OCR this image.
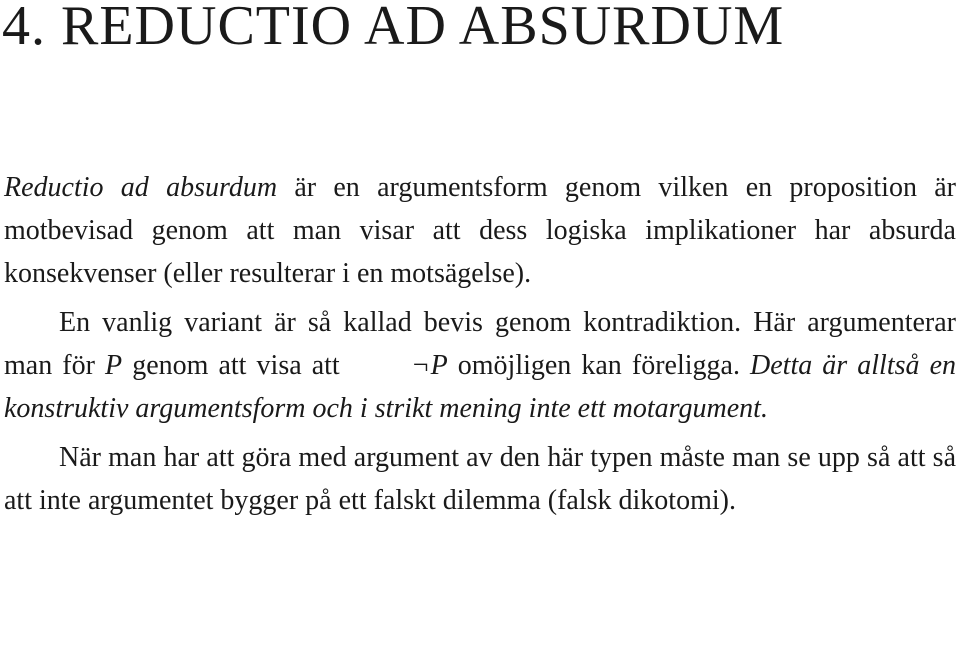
4. REDUCTIO AD ABSURDUM

Reductio ad absurdum är en argumentsform genom vilken en proposition är motbevisad genom att man visar att dess logiska implikationer har absurda konsekvenser (eller resulterar i en motsägelse).

En vanlig variant är så kallad bevis genom kontradiktion. Här argumenterar man för P genom att visa att ¬P omöjligen kan föreligga. Detta är alltså en konstruktiv argumentsform och i strikt mening inte ett motargument.

När man har att göra med argument av den här typen måste man se upp så att så att inte argumentet bygger på ett falskt dilemma (falsk dikotomi).
